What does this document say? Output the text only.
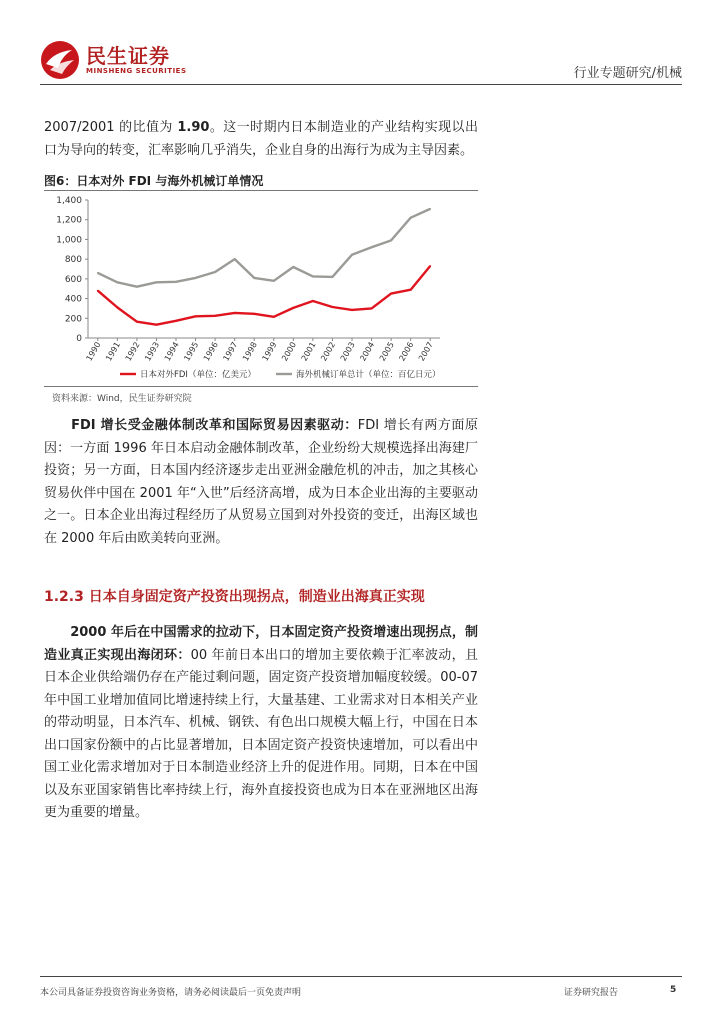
民生证券
MINSHENG SECURITIES	行业专题研究/机械
2007/2001 的比值为 1.90。这一时期内日本制造业的产业结构实现以出口为导向的转变，汇率影响几乎消失，企业自身的出海行为成为主导因素。
图6：日本对外 FDI 与海外机械订单情况
0
200
400
600
800
1,000
1,200
1,400
1990 1991 1992 1993 1994 1995 1996 1997 1998 1999 2000 2001 2002 2003 2004 2005 2006 2007
日本对外FDI（单位：亿美元）	海外机械订单总计（单位：百亿日元）
资料来源：Wind，民生证券研究院
　　FDI 增长受金融体制改革和国际贸易因素驱动：FDI 增长有两方面原因：一方面 1996 年日本启动金融体制改革，企业纷纷大规模选择出海建厂投资；另一方面，日本国内经济逐步走出亚洲金融危机的冲击，加之其核心贸易伙伴中国在 2001 年“入世”后经济高增，成为日本企业出海的主要驱动之一。日本企业出海过程经历了从贸易立国到对外投资的变迁，出海区域也在 2000 年后由欧美转向亚洲。
1.2.3 日本自身固定资产投资出现拐点，制造业出海真正实现
　　2000 年后在中国需求的拉动下，日本固定资产投资增速出现拐点，制造业真正实现出海闭环：00 年前日本出口的增加主要依赖于汇率波动，且日本企业供给端仍存在产能过剩问题，固定资产投资增加幅度较缓。00-07 年中国工业增加值同比增速持续上行，大量基建、工业需求对日本相关产业的带动明显，日本汽车、机械、钢铁、有色出口规模大幅上行，中国在日本出口国家份额中的占比显著增加，日本固定资产投资快速增加，可以看出中国工业化需求增加对于日本制造业经济上升的促进作用。同期，日本在中国以及东亚国家销售比率持续上行，海外直接投资也成为日本在亚洲地区出海更为重要的增量。
本公司具备证券投资咨询业务资格，请务必阅读最后一页免责声明	证券研究报告	5
